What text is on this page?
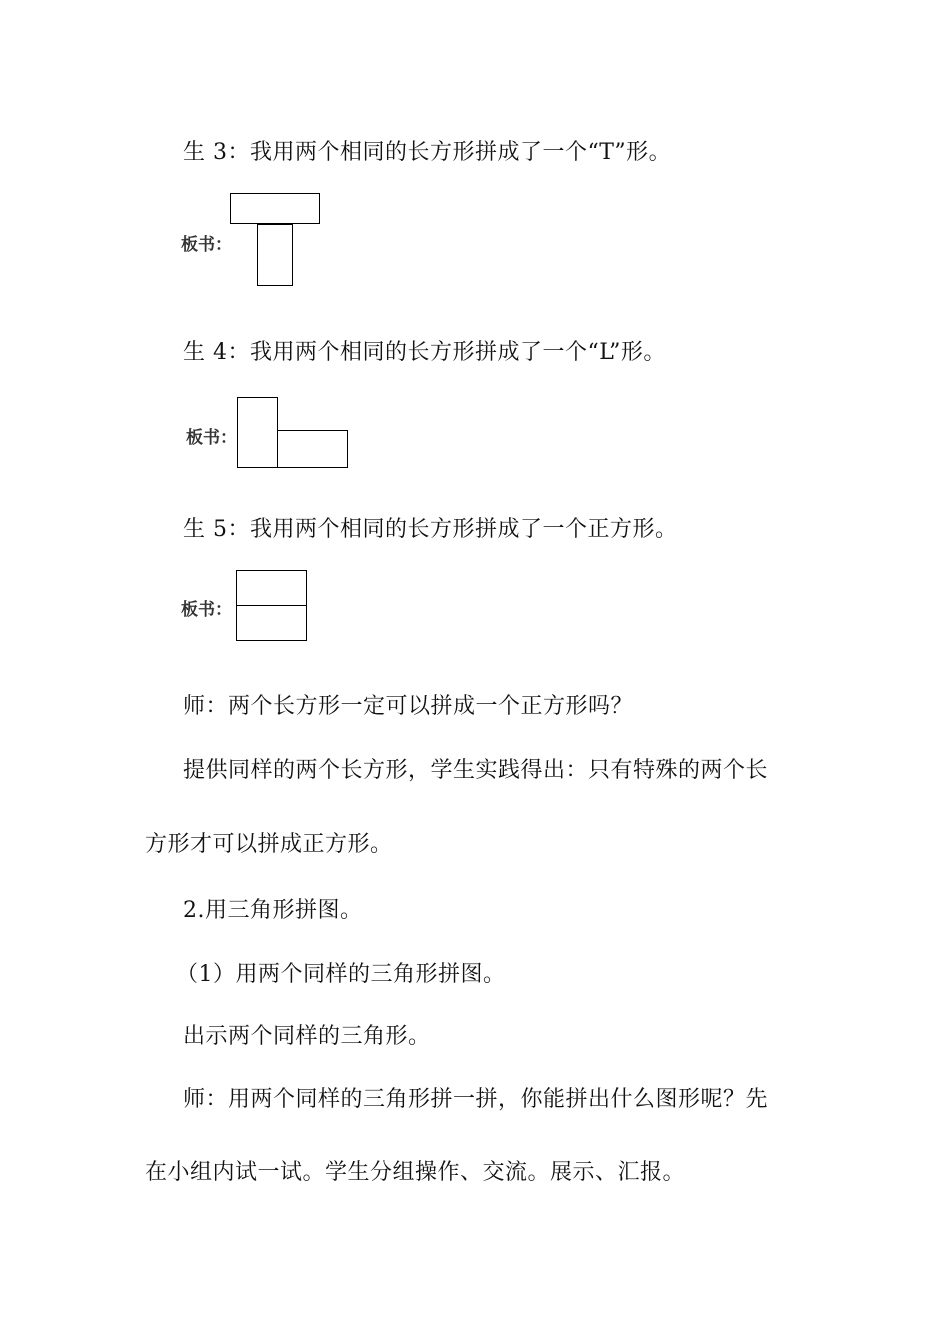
生 3：我用两个相同的长方形拼成了一个“T”形。
板书：
生 4：我用两个相同的长方形拼成了一个“L”形。
板书：
生 5：我用两个相同的长方形拼成了一个正方形。
板书：
师：两个长方形一定可以拼成一个正方形吗？
提供同样的两个长方形，学生实践得出：只有特殊的两个长
方形才可以拼成正方形。
2.用三角形拼图。
（1）用两个同样的三角形拼图。
出示两个同样的三角形。
师：用两个同样的三角形拼一拼，你能拼出什么图形呢？先
在小组内试一试。学生分组操作、交流。展示、汇报。
